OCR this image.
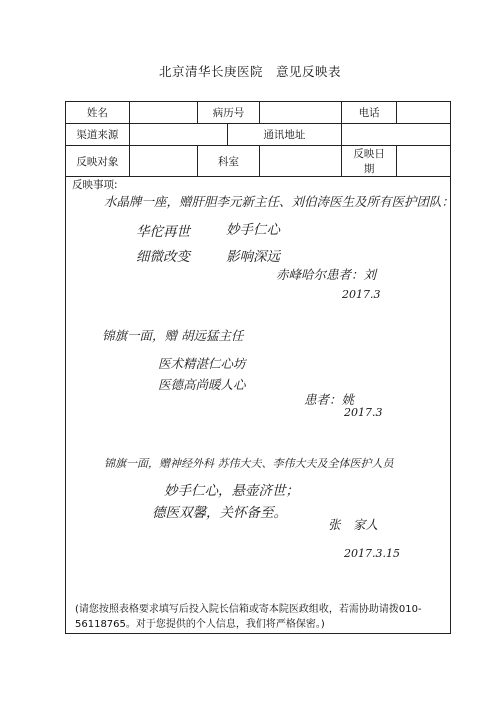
北京清华长庚医院　意见反映表
姓名		病历号			电话	
渠道来源			通讯地址			
反映对象		科室			反映日期	
反映事项:
水晶牌一座，赠肝胆李元新主任、刘伯涛医生及所有医护团队：
华佗再世	妙手仁心
细微改变	影响深远
赤峰哈尔患者：刘
2017.3
锦旗一面，赠 胡远猛主任
医术精湛仁心坊
医德高尚暖人心
患者：姚
2017.3
锦旗一面，赠神经外科 苏伟大夫、李伟大夫及全体医护人员
妙手仁心，悬壶济世；
德医双馨，关怀备至。
张　家人
2017.3.15
(请您按照表格要求填写后投入院长信箱或寄本院医政组收，若需协助请拨010-56118765。对于您提供的个人信息，我们将严格保密。)
